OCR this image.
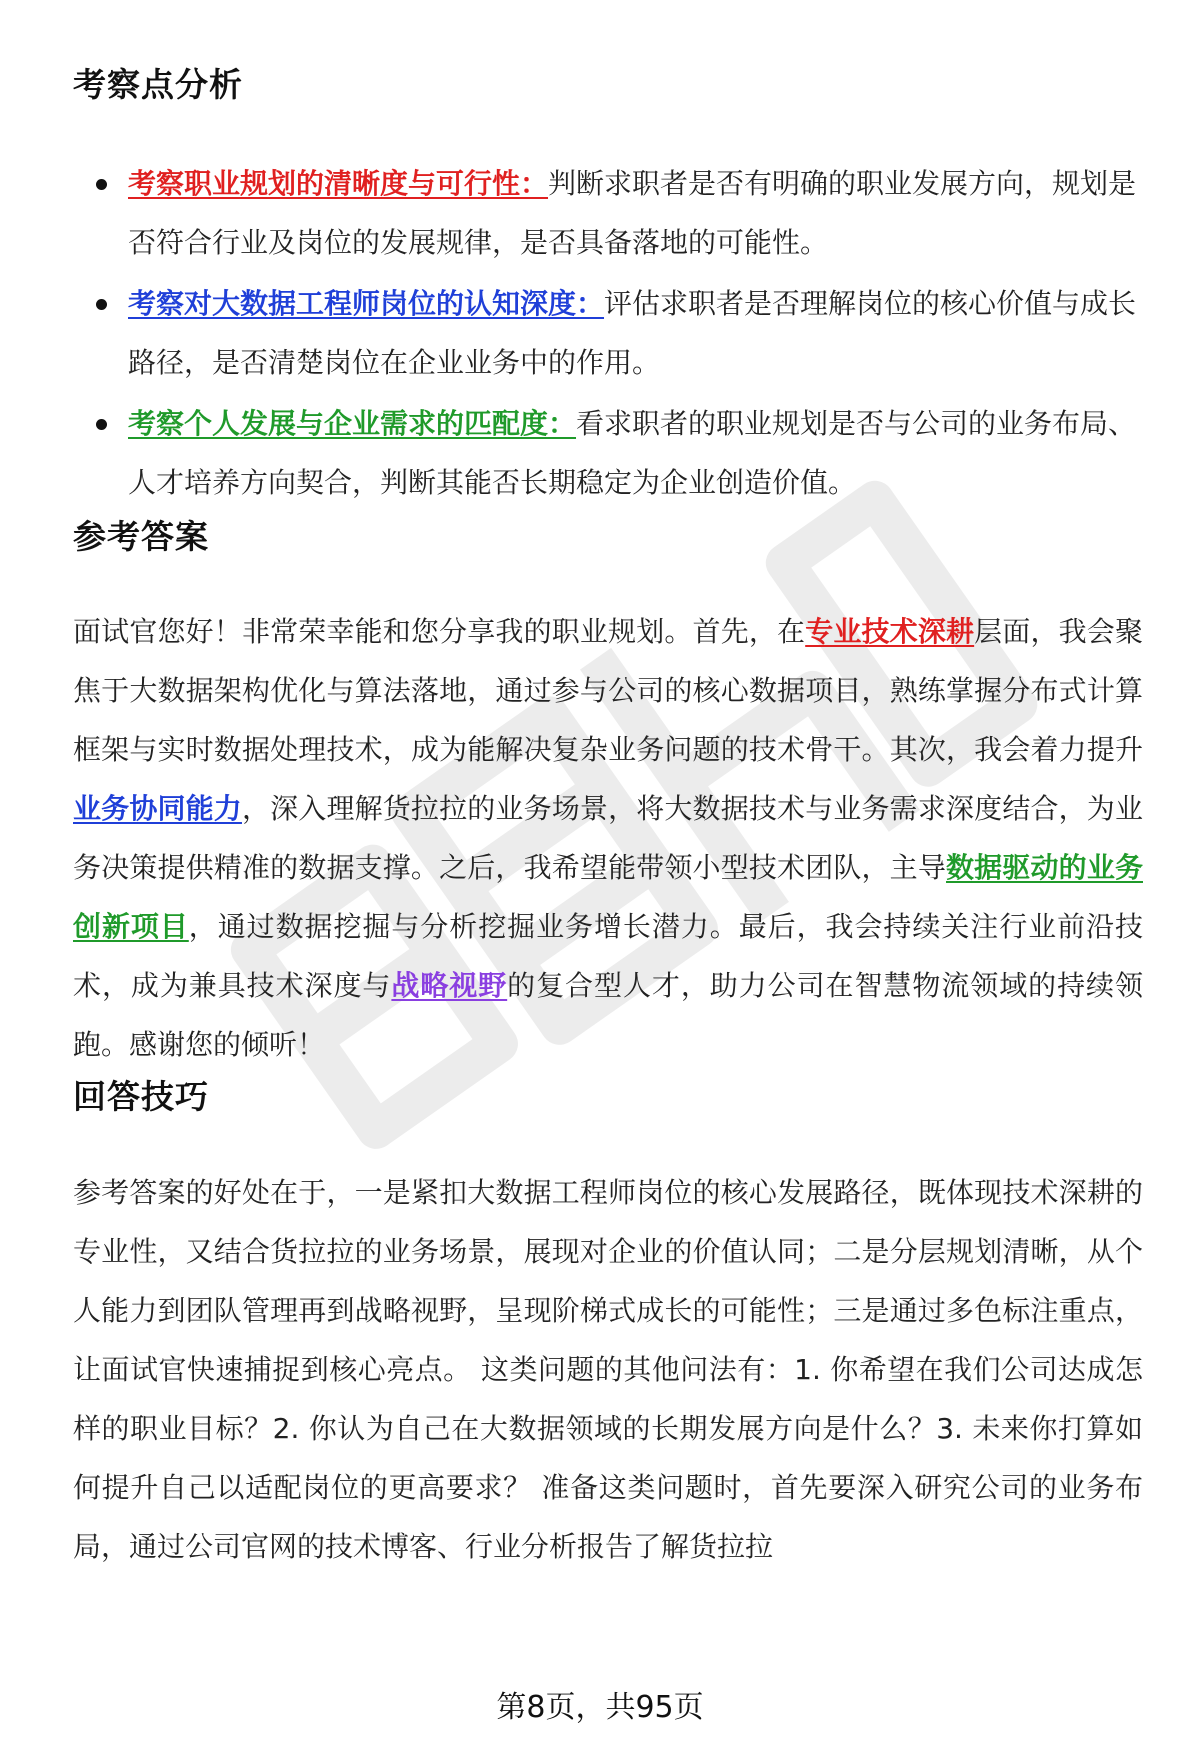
考察点分析
考察职业规划的清晰度与可行性：判断求职者是否有明确的职业发展方向，规划是否符合行业及岗位的发展规律，是否具备落地的可能性。
考察对大数据工程师岗位的认知深度：评估求职者是否理解岗位的核心价值与成长路径，是否清楚岗位在企业业务中的作用。
考察个人发展与企业需求的匹配度：看求职者的职业规划是否与公司的业务布局、人才培养方向契合，判断其能否长期稳定为企业创造价值。
参考答案

面试官您好！非常荣幸能和您分享我的职业规划。首先，在专业技术深耕层面，我会聚焦于大数据架构优化与算法落地，通过参与公司的核心数据项目，熟练掌握分布式计算框架与实时数据处理技术，成为能解决复杂业务问题的技术骨干。其次，我会着力提升业务协同能力，深入理解货拉拉的业务场景，将大数据技术与业务需求深度结合，为业务决策提供精准的数据支撑。之后，我希望能带领小型技术团队，主导数据驱动的业务创新项目，通过数据挖掘与分析挖掘业务增长潜力。最后，我会持续关注行业前沿技术，成为兼具技术深度与战略视野的复合型人才，助力公司在智慧物流领域的持续领跑。感谢您的倾听！

回答技巧

参考答案的好处在于，一是紧扣大数据工程师岗位的核心发展路径，既体现技术深耕的专业性，又结合货拉拉的业务场景，展现对企业的价值认同；二是分层规划清晰，从个人能力到团队管理再到战略视野，呈现阶梯式成长的可能性；三是通过多色标注重点，让面试官快速捕捉到核心亮点。 这类问题的其他问法有：1. 你希望在我们公司达成怎样的职业目标？2. 你认为自己在大数据领域的长期发展方向是什么？3. 未来你打算如何提升自己以适配岗位的更高要求？ 准备这类问题时，首先要深入研究公司的业务布局，通过公司官网的技术博客、行业分析报告了解货拉拉

第8页，共95页
